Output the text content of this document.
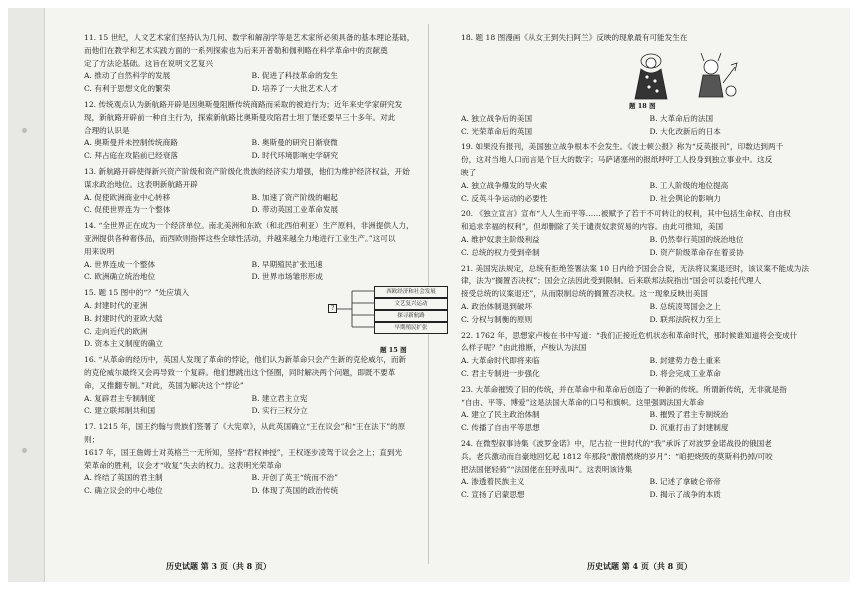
11. 15 世纪，人文艺术家们坚持认为几何、数学和解剖学等是艺术家所必须具备的基本理论基础，
而他们在教学和艺术实践方面的一系列探索也为后来开普勒和伽利略在科学革命中的贡献奠
定了方法论基础。这旨在说明文艺复兴
A. 推动了自然科学的发展	B. 促进了科技革命的发生
C. 有利于思想文化的繁荣	D. 培养了一大批艺术人才
12. 传统观点认为新航路开辟是因奥斯曼阻断传统商路而采取的被迫行为；近年来史学家研究发
现，新航路开辟前一种自主行为，探索新航路比奥斯曼攻陷君士坦丁堡还要早三十多年。对此
合理的认识是
A. 奥斯曼并未控制传统商路	B. 奥斯曼的研究日渐衰微
C. 拜占庭在攻陷前已经衰落	D. 时代环境影响史学研究
13. 新航路开辟使得新兴资产阶级和资产阶级化贵族的经济实力增强，他们为维护经济权益，开始
谋求政治地位。这表明新航路开辟
A. 促使欧洲商业中心转移	B. 加速了资产阶级的崛起
C. 促使世界连为一个整体	D. 带动英国工业革命发展
14. “全世界正在成为一个经济单位。南北美洲和东欧（和北西伯利亚）生产原料，非洲提供人力，
亚洲提供各种奢侈品，而西欧则指挥这些全球性活动，并越来越全力地进行工业生产。”这可以
用来说明
A. 世界连成一个整体	B. 早期殖民扩张迅速
C. 欧洲确立统治地位	D. 世界市场雏形形成
15. 题 15 图中的“？”处应填入
?
西欧经济和社会发展
文艺复兴运动
探寻新航路
早期殖民扩张
题 15 图
A. 封建时代的亚洲
B. 封建时代的亚欧大陆
C. 走向近代的欧洲
D. 资本主义制度的确立
16. “从革命的经历中，英国人发现了革命的悖论，他们认为新革命只会产生新的克伦威尔，而新
的克伦威尔最终又会再导致一个复辟。他们想跳出这个怪圈，同时解决两个问题，即既不要革
命，又推翻专制。”对此，英国为解决这个“悖论”
A. 复辟君主专制制度	B. 建立君主立宪
C. 建立联邦制共和国	D. 实行三权分立
17. 1215 年，国王约翰与贵族们签署了《大宪章》，从此英国确立“王在议会”和“王在法下”的原则；
1617 年，国王詹姆士对英格兰一无所知，坚持“君权神授”，王权逐步凌驾于议会之上；直到光
荣革命的胜利，议会才“收复”失去的权力。这表明光荣革命
A. 终结了英国的君主制	B. 开创了英王“统而不治”
C. 确立议会的中心地位	D. 体现了英国的政治传统
历史试题 第 3 页（共 8 页）
18. 题 18 图漫画《从女王到失扫阿兰》反映的现象最有可能发生在
题 18 图
A. 独立战争后的美国	B. 大革命后的法国
C. 光荣革命后的英国	D. 大化改新后的日本
19. 如果没有报刊，美国独立战争根本不会发生。《波士顿公报》称为“反英报刊”，印数达到两千
份，这对当地人口而言是个巨大的数字；马萨诸塞州的报纸呼吁工人投身到独立事业中。这反
映了
A. 独立战争爆发的导火索	B. 工人阶级的地位提高
C. 反英斗争运动的必要性	D. 社会舆论的影响力
20. 《独立宣言》宣布“人人生而平等……被赋予了若干不可转让的权利，其中包括生命权、自由权
和追求幸福的权利”，但却删除了关于谴责奴隶贸易的内容。由此可推知，美国
A. 维护奴隶主阶级利益	B. 仍然奉行英国的统治地位
C. 总统的权力受到牵制	D. 资产阶级革命存在着妥协
21. 美国宪法规定，总统有拒绝签署法案 10 日内给予国会合说，无法将议案退还时，该议案不能成为法
律，法为“搁置否决权”；国会立法因此受到限制。后来联邦法院指出“国会可以委托代理人
接受总统的议案退还”，从而限制总统的搁置否决权。这一现象反映出美国
A. 政治体制退到破坏	B. 总统凌驾国会之上
C. 分权与制衡的原则	D. 联邦法院权力至上
22. 1762 年，思想家卢梭在书中写道：“我们正接近危机状态和革命时代，那时候谁知道将会变成什
么样子呢？”由此推断，卢梭认为法国
A. 大革命时代即将来临	B. 封建势力卷土重来
C. 君主专制进一步强化	D. 将会完成工业革命
23. 大革命摧毁了旧的传统，并在革命中和革命后创造了一种新的传统。所谓新传统，无非就是指
“自由、平等、博爱”这是法国大革命的口号和旗帜。这里强调法国大革命
A. 建立了民主政治体制	B. 摧毁了君主专制统治
C. 传播了自由平等思想	D. 沉重打击了封建制度
24. 在微型叙事诗集《波罗金诺》中，尼古拉一世时代的“我”承诉了对波罗金诺战役的俄国老
兵。老兵激动而自豪地回忆起 1812 年那段“激情燃烧的岁月”：“咱把烧毁的莫斯科扔掉/可咬
把法国佬轻骑”“法国佬在狂呼乱叫”。这表明该诗集
A. 渗透着民族主义	B. 记述了拿破仑帝帝
C. 宣扬了启蒙思想	D. 揭示了战争的本质
历史试题 第 4 页（共 8 页）
